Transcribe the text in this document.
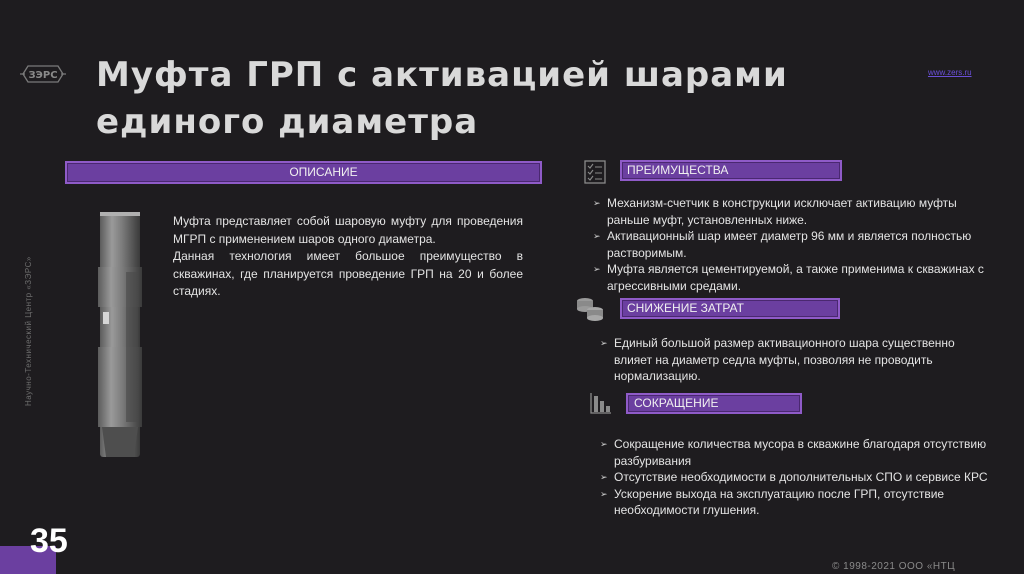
ЗЭРС	www.zers.ru
Муфта ГРП с активацией шарами единого диаметра
Научно-Технический Центр «ЗЭРС»
ОПИСАНИЕ

Муфта представляет собой шаровую муфту для проведения МГРП с применением шаров одного диаметра.

Данная технология имеет большое преимущество в скважинах, где планируется проведение ГРП на 20 и более стадиях.

ПРЕИМУЩЕСТВА
➢ Механизм-счетчик в конструкции исключает активацию муфты раньше муфт, установленных ниже.
➢ Активационный шар имеет диаметр 96 мм и является полностью растворимым.
➢ Муфта является цементируемой, а также применима к скважинах с агрессивными средами.
СНИЖЕНИЕ ЗАТРАТ
➢ Единый большой размер активационного шара существенно влияет на диаметр седла муфты, позволяя не проводить нормализацию.
СОКРАЩЕНИЕ
➢ Сокращение количества мусора в скважине благодаря отсутствию разбуривания
➢ Отсутствие необходимости в дополнительных СПО и сервисе КРС
➢ Ускорение выхода на эксплуатацию после ГРП, отсутствие необходимости глушения.
35
© 1998-2021 ООО «НТЦ
